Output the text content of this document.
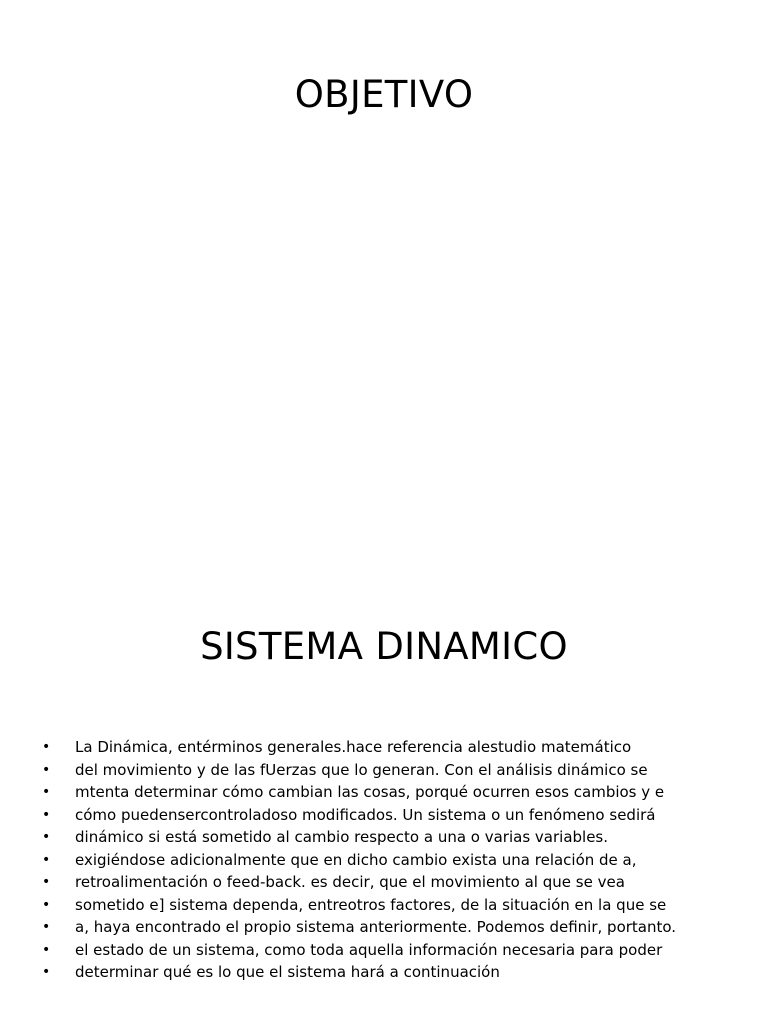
OBJETIVO
SISTEMA DINAMICO
• La Dinámica, entérminos generales.hace referencia alestudio matemático
• del movimiento y de las fUerzas que lo generan. Con el análisis dinámico se
• mtenta determinar cómo cambian las cosas, porqué ocurren esos cambios y e
• cómo puedensercontroladoso modificados. Un sistema o un fenómeno sedirá
• dinámico si está sometido al cambio respecto a una o varias variables.
• exigiéndose adicionalmente que en dicho cambio exista una relación de a,
• retroalimentación o feed-back. es decir, que el movimiento al que se vea
• sometido e] sistema dependa, entreotros factores, de la situación en la que se
• a, haya encontrado el propio sistema anteriormente. Podemos definir, portanto.
• el estado de un sistema, como toda aquella información necesaria para poder
• determinar qué es lo que el sistema hará a continuación
